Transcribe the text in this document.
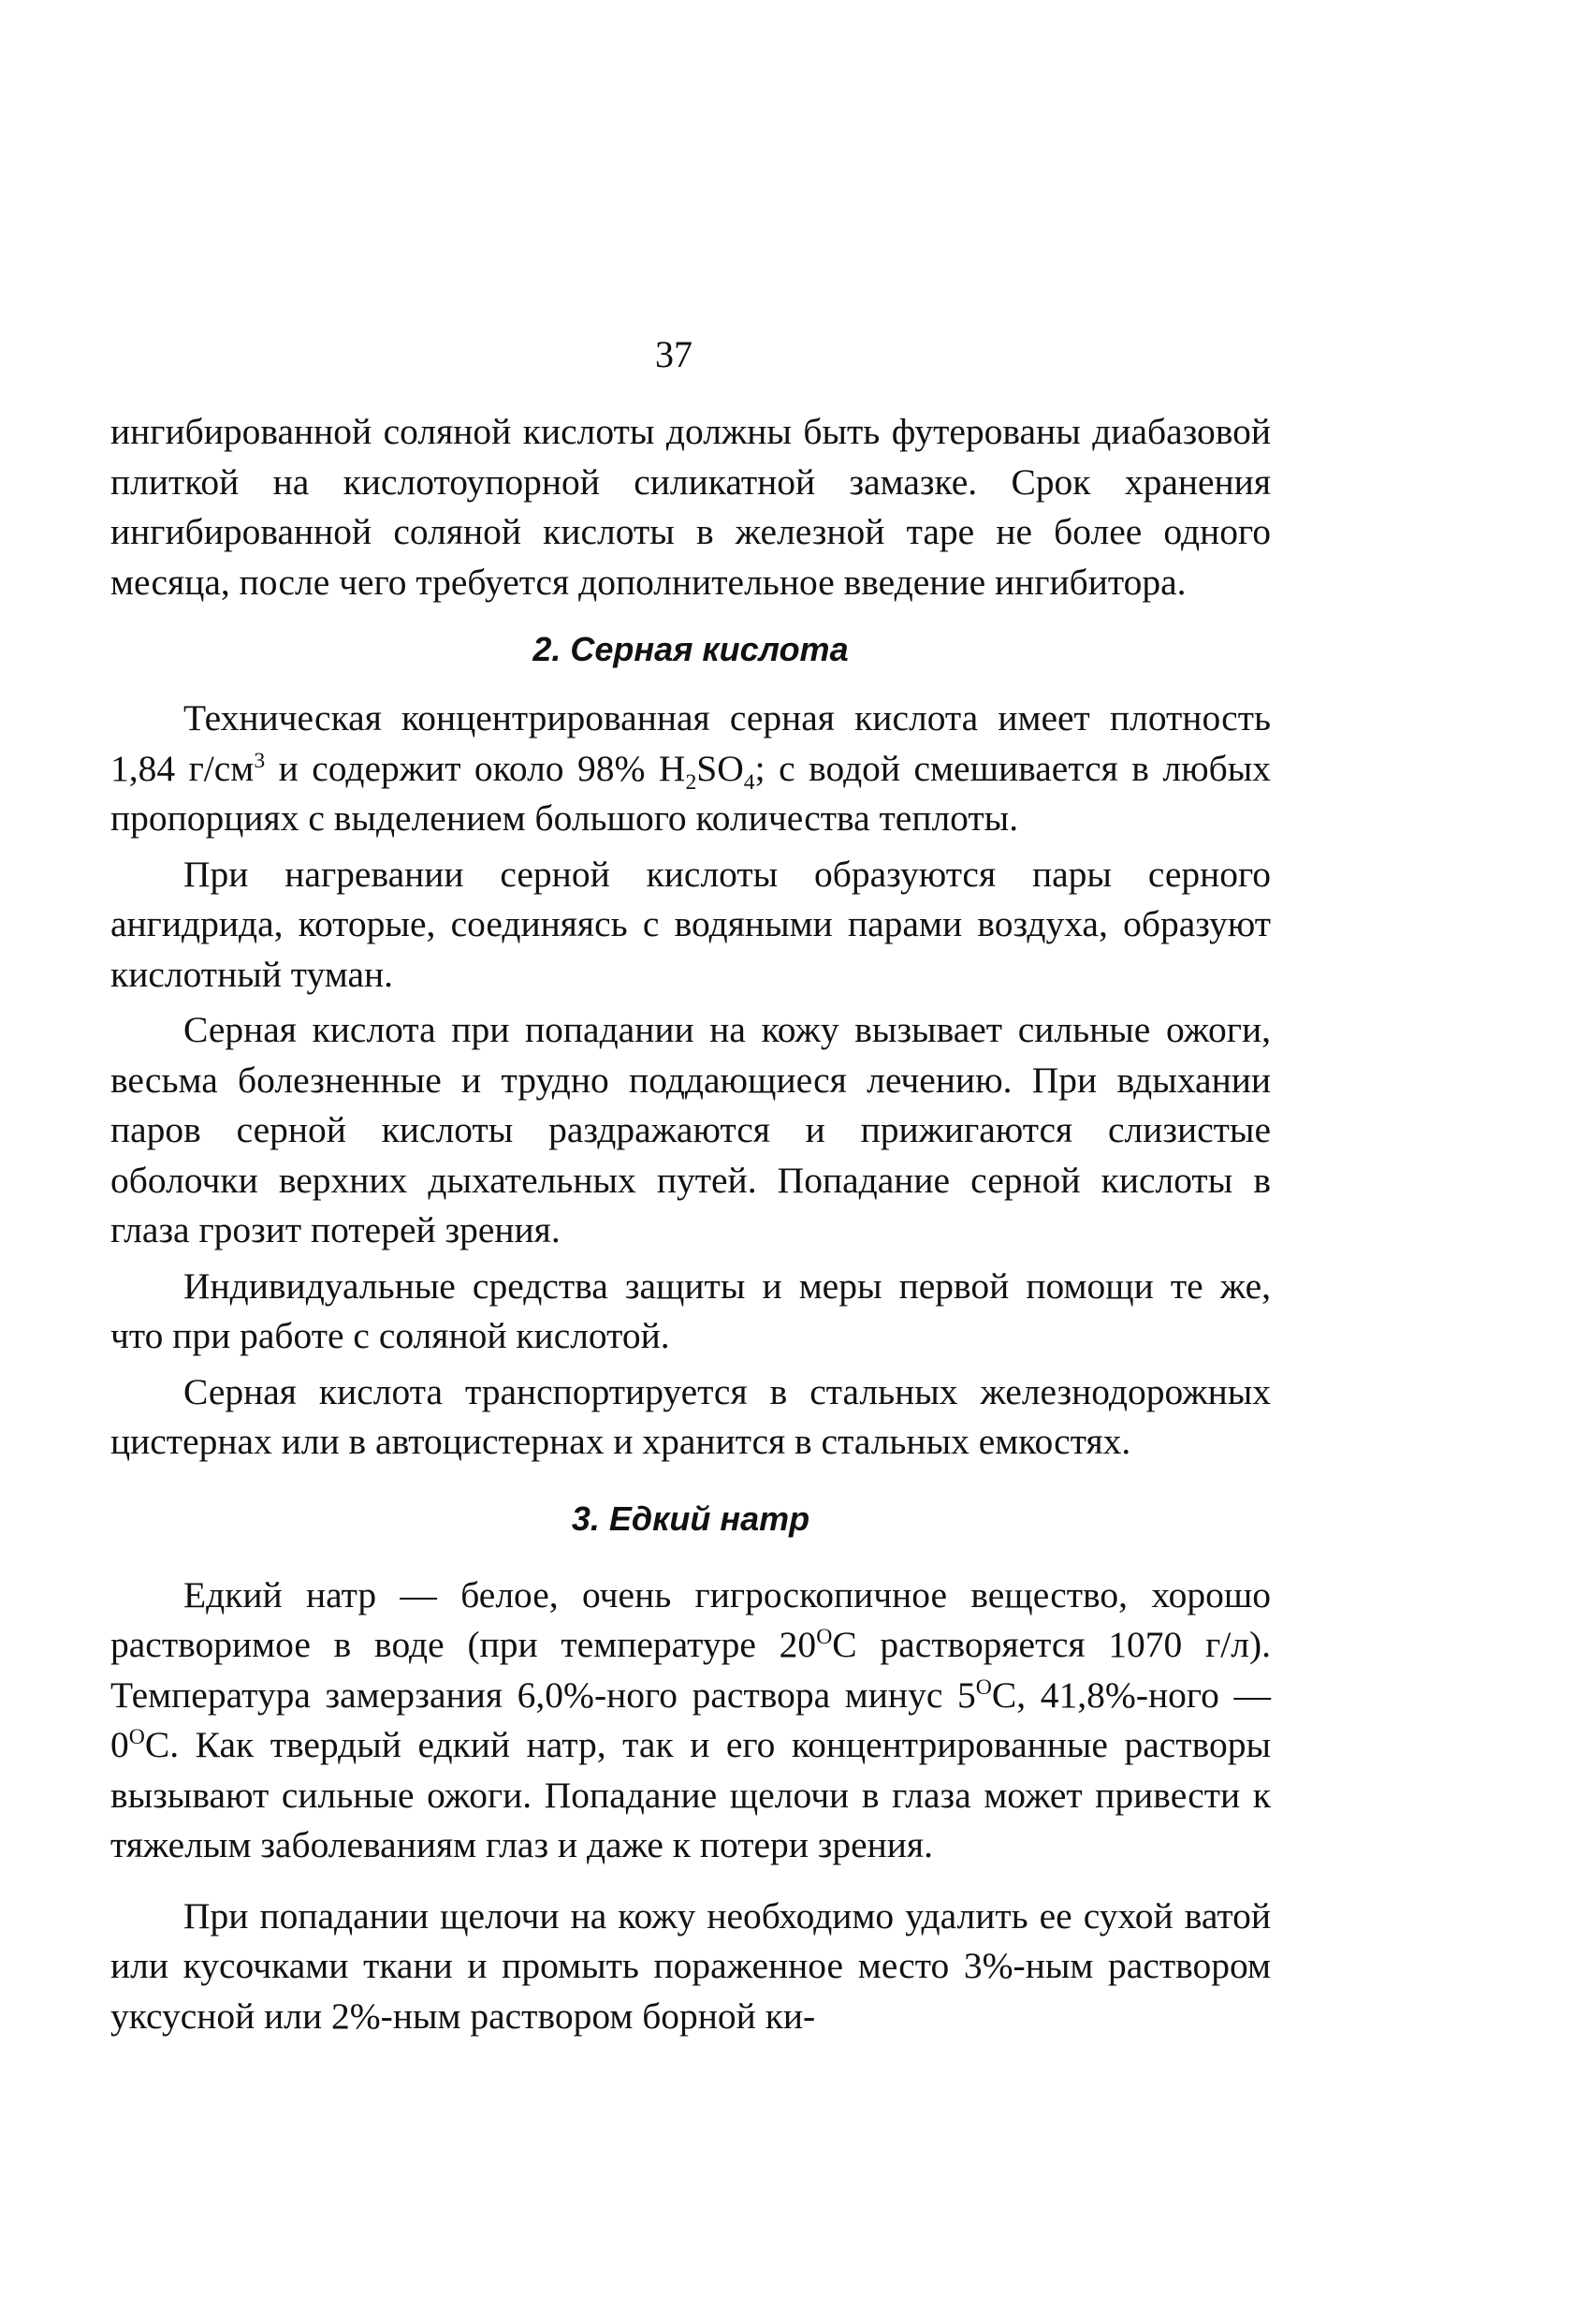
37

ингибированной соляной кислоты должны быть футерованы диабазовой плиткой на кислотоупорной силикатной замазке. Срок хранения ингибированной соляной кислоты в железной таре не более одного месяца, после чего требуется дополнительное введение ингибитора.

2. Серная кислота

Техническая концентрированная серная кислота имеет плотность 1,84 $г/см^3$ и содержит около 98% $H_2SO_4$; с водой смешивается в любых пропорциях с выделением большого количества теплоты.

При нагревании серной кислоты образуются пары серного ангидрида, которые, соединяясь с водяными парами воздуха, образуют кислотный туман.

Серная кислота при попадании на кожу вызывает сильные ожоги, весьма болезненные и трудно поддающиеся лечению. При вдыхании паров серной кислоты раздражаются и прижигаются слизистые оболочки верхних дыхательных путей. Попадание серной кислоты в глаза грозит потерей зрения.

Индивидуальные средства защиты и меры первой помощи те же, что при работе с соляной кислотой.

Серная кислота транспортируется в стальных железнодорожных цистернах или в автоцистернах и хранится в стальных емкостях.

3. Едкий натр

Едкий натр — белое, очень гигроскопичное вещество, хорошо растворимое в воде (при температуре $20^OС$ растворяется 1070 г/л). Температура замерзания 6,0%-ного раствора минус $5^OС$, 41,8%-ного — $0^OС$. Как твердый едкий натр, так и его концентрированные растворы вызывают сильные ожоги. Попадание щелочи в глаза может привести к тяжелым заболеваниям глаз и даже к потери зрения.

При попадании щелочи на кожу необходимо удалить ее сухой ватой или кусочками ткани и промыть пораженное место 3%-ным раствором уксусной или 2%-ным раствором борной ки-
